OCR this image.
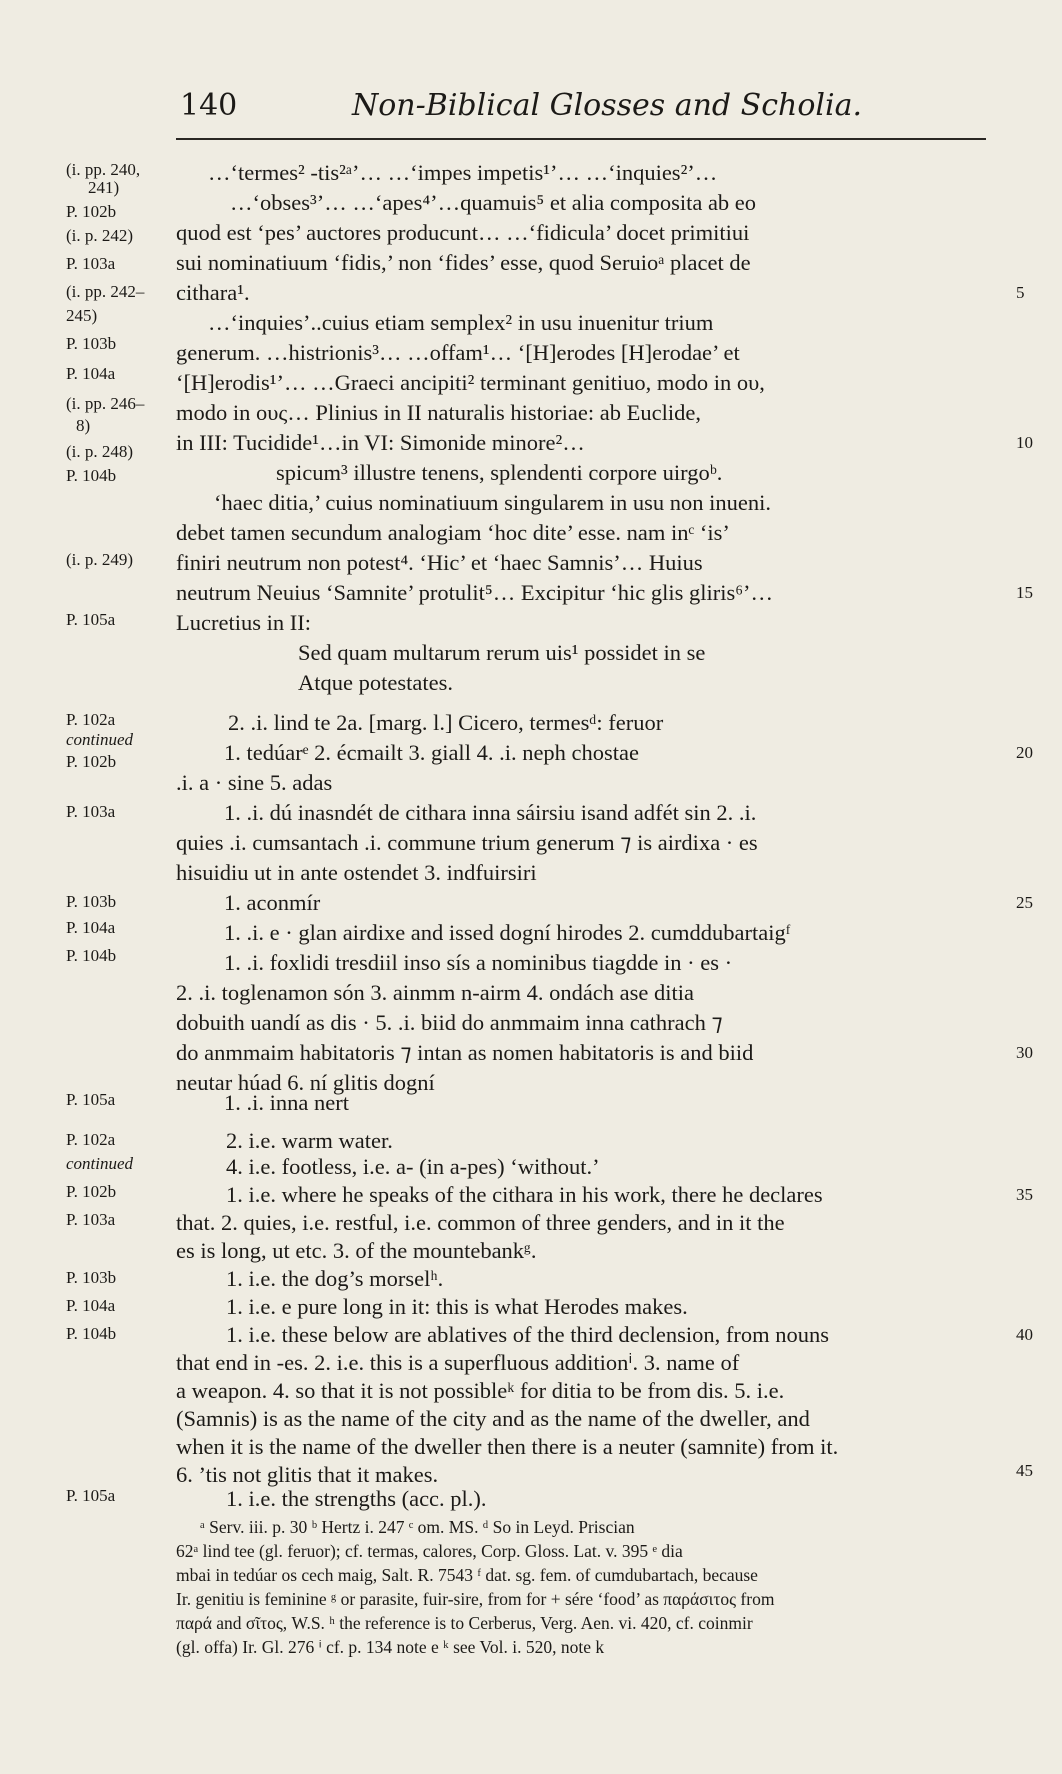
140	Non-Biblical Glosses and Scholia.
(i. pp. 240,
241)
P. 102b
(i. p. 242)
P. 103a
(i. pp. 242–
245)
P. 103b
P. 104a
(i. pp. 246–
8)
(i. p. 248)
P. 104b
(i. p. 249)
P. 105a
…‘termes² -tis²ᵃ’… …‘impes impetis¹’… …‘inquies²’…
…‘obses³’… …‘apes⁴’…quamuis⁵ et alia composita ab eo
quod est ‘pes’ auctores producunt… …‘fidicula’ docet primitiui
sui nominatiuum ‘fidis,’ non ‘fides’ esse, quod Seruioᵃ placet de
cithara¹.
…‘inquies’..cuius etiam semplex² in usu inuenitur trium
generum. …histrionis³… …offam¹… ‘[H]erodes [H]erodae’ et
‘[H]erodis¹’… …Graeci ancipiti² terminant genitiuo, modo in ου,
modo in ους… Plinius in II naturalis historiae: ab Euclide,
in III: Tucidide¹…in VI: Simonide minore²…
spicum³ illustre tenens, splendenti corpore uirgoᵇ.
‘haec ditia,’ cuius nominatiuum singularem in usu non inueni.
debet tamen secundum analogiam ‘hoc dite’ esse. nam inᶜ ‘is’
finiri neutrum non potest⁴. ‘Hic’ et ‘haec Samnis’… Huius
neutrum Neuius ‘Samnite’ protulit⁵… Excipitur ‘hic glis gliris⁶’…
Lucretius in II:
Sed quam multarum rerum uis¹ possidet in se
Atque potestates.
5
10
15
P. 102a
continued
P. 102b
P. 103a
P. 103b
P. 104a
P. 104b
P. 105a
2. .i. lind te 2a. [marg. l.] Cicero, termesᵈ: feruor
1. tedúarᵉ 2. écmailt 3. giall 4. .i. neph chostae
.i. a · sine 5. adas
1. .i. dú inasndét de cithara inna sáirsiu isand adfét sin 2. .i.
quies .i. cumsantach .i. commune trium generum ⁊ is airdixa · es
hisuidiu ut in ante ostendet 3. indfuirsiri
1. aconmír
1. .i. e · glan airdixe and issed dogní hirodes 2. cumddubartaigᶠ
1. .i. foxlidi tresdiil inso sís a nominibus tiagdde in · es ·
2. .i. toglenamon són 3. ainmm n-airm 4. ondách ase ditia
dobuith uandí as dis · 5. .i. biid do anmmaim inna cathrach ⁊
do anmmaim habitatoris ⁊ intan as nomen habitatoris is and biid
neutar húad 6. ní glitis dogní
1. .i. inna nert
20
25
30
P. 102a
continued
P. 102b
P. 103a
P. 103b
P. 104a
P. 104b
P. 105a
2. i.e. warm water.
4. i.e. footless, i.e. a- (in a-pes) ‘without.’
1. i.e. where he speaks of the cithara in his work, there he declares
that. 2. quies, i.e. restful, i.e. common of three genders, and in it the
es is long, ut etc. 3. of the mountebankᵍ.
1. i.e. the dog’s morselʰ.
1. i.e. e pure long in it: this is what Herodes makes.
1. i.e. these below are ablatives of the third declension, from nouns
that end in -es. 2. i.e. this is a superfluous additionⁱ. 3. name of
a weapon. 4. so that it is not possibleᵏ for ditia to be from dis. 5. i.e.
(Samnis) is as the name of the city and as the name of the dweller, and
when it is the name of the dweller then there is a neuter (samnite) from it.
6. ’tis not glitis that it makes.
1. i.e. the strengths (acc. pl.).
35
40
45
ᵃ Serv. iii. p. 30 ᵇ Hertz i. 247 ᶜ om. MS. ᵈ So in Leyd. Priscian
62ᵃ lind tee (gl. feruor); cf. termas, calores, Corp. Gloss. Lat. v. 395 ᵉ dia
mbai in tedúar os cech maig, Salt. R. 7543 ᶠ dat. sg. fem. of cumdubartach, because
Ir. genitiu is feminine ᵍ or parasite, fuir-sire, from for + sére ‘food’ as παράσιτος from
παρά and σῖτος, W.S. ʰ the reference is to Cerberus, Verg. Aen. vi. 420, cf. coinmir
(gl. offa) Ir. Gl. 276 ⁱ cf. p. 134 note e ᵏ see Vol. i. 520, note k
